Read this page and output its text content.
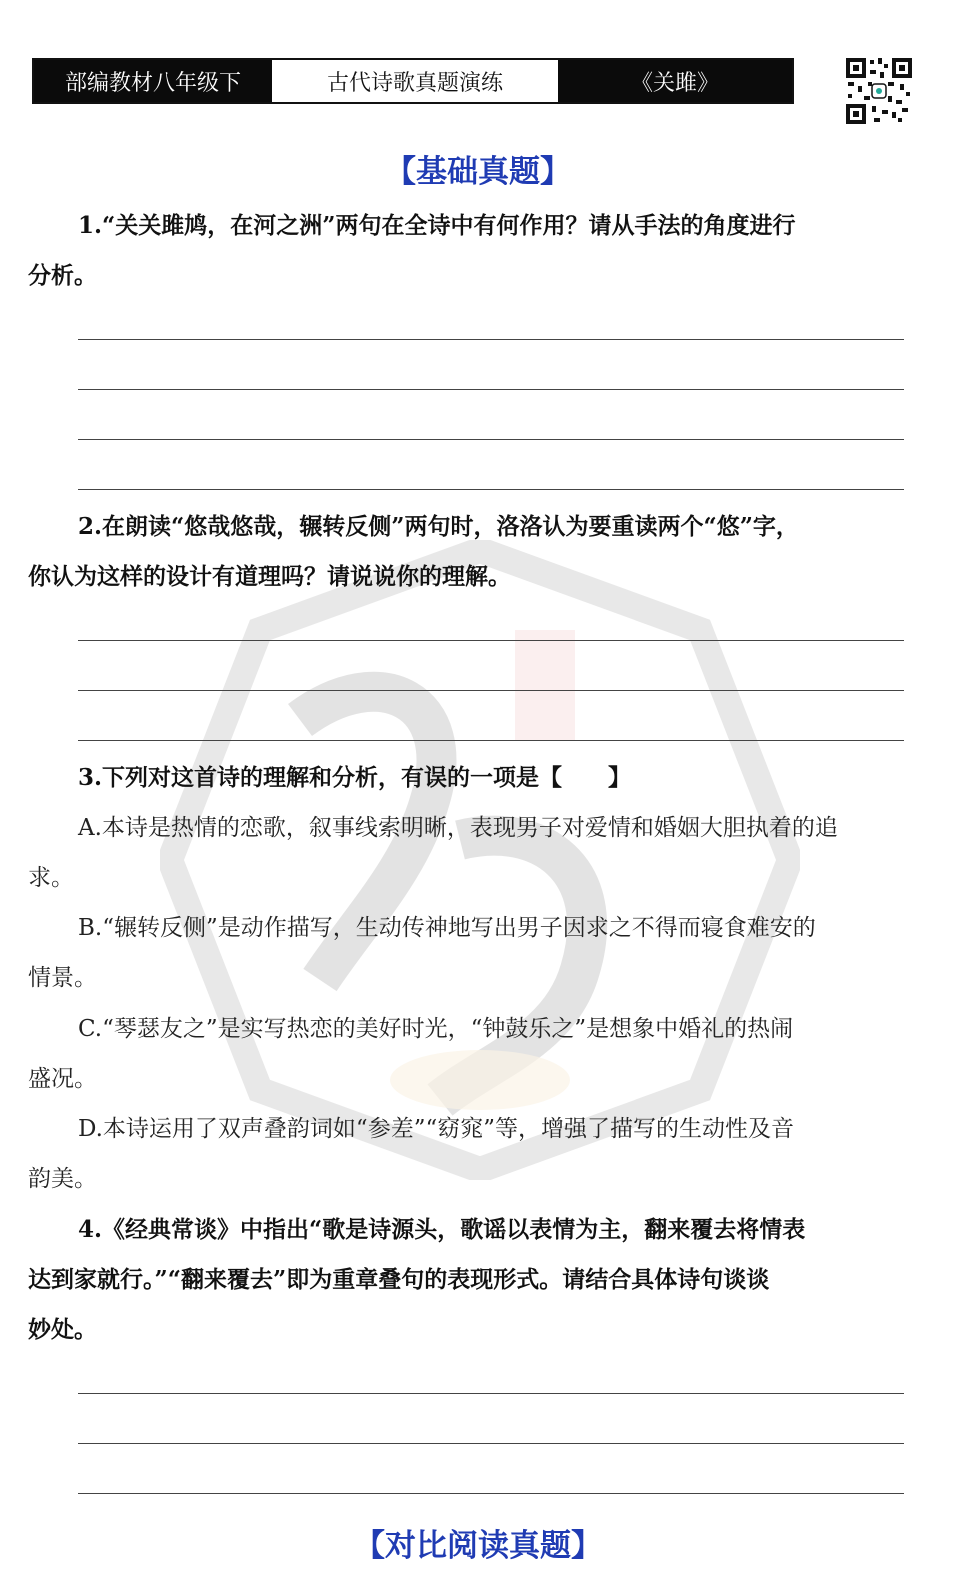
部编教材八年级下	古代诗歌真题演练	《关雎》
【基础真题】
1.“关关雎鸠，在河之洲”两句在全诗中有何作用？请从手法的角度进行
分析。
2.在朗读“悠哉悠哉，辗转反侧”两句时，洛洛认为要重读两个“悠”字，
你认为这样的设计有道理吗？请说说你的理解。
3.下列对这首诗的理解和分析，有误的一项是【　　】
A.本诗是热情的恋歌，叙事线索明晰，表现男子对爱情和婚姻大胆执着的追
求。
B.“辗转反侧”是动作描写，生动传神地写出男子因求之不得而寝食难安的
情景。
C.“琴瑟友之”是实写热恋的美好时光，“钟鼓乐之”是想象中婚礼的热闹
盛况。
D.本诗运用了双声叠韵词如“参差”“窈窕”等，增强了描写的生动性及音
韵美。
4.《经典常谈》中指出“歌是诗源头，歌谣以表情为主，翻来覆去将情表
达到家就行。”“翻来覆去”即为重章叠句的表现形式。请结合具体诗句谈谈
妙处。
【对比阅读真题】
